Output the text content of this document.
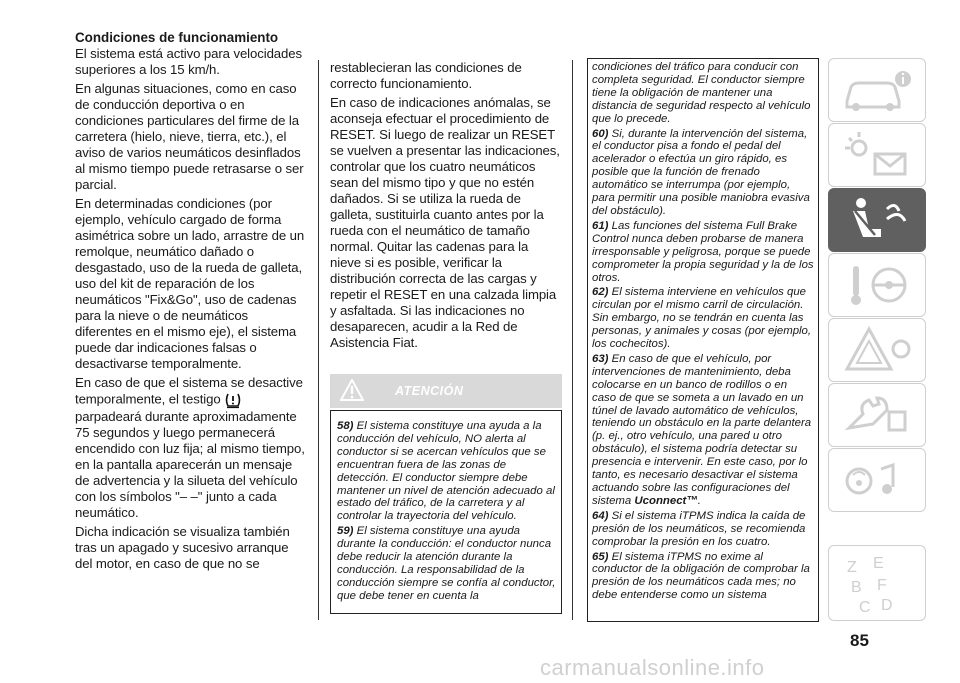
Condiciones de funcionamiento

El sistema está activo para velocidades superiores a los 15 km/h.

En algunas situaciones, como en caso de conducción deportiva o en condiciones particulares del firme de la carretera (hielo, nieve, tierra, etc.), el aviso de varios neumáticos desinflados al mismo tiempo puede retrasarse o ser parcial.

En determinadas condiciones (por ejemplo, vehículo cargado de forma asimétrica sobre un lado, arrastre de un remolque, neumático dañado o desgastado, uso de la rueda de galleta, uso del kit de reparación de los neumáticos "Fix&Go", uso de cadenas para la nieve o de neumáticos diferentes en el mismo eje), el sistema puede dar indicaciones falsas o desactivarse temporalmente.

En caso de que el sistema se desactive temporalmente, el testigo  parpadeará durante aproximadamente 75 segundos y luego permanecerá encendido con luz fija; al mismo tiempo, en la pantalla aparecerán un mensaje de advertencia y la silueta del vehículo con los símbolos "– –" junto a cada neumático.

Dicha indicación se visualiza también tras un apagado y sucesivo arranque del motor, en caso de que no se

restablecieran las condiciones de correcto funcionamiento.

En caso de indicaciones anómalas, se aconseja efectuar el procedimiento de RESET. Si luego de realizar un RESET se vuelven a presentar las indicaciones, controlar que los cuatro neumáticos sean del mismo tipo y que no estén dañados. Si se utiliza la rueda de galleta, sustituirla cuanto antes por la rueda con el neumático de tamaño normal. Quitar las cadenas para la nieve si es posible, verificar la distribución correcta de las cargas y repetir el RESET en una calzada limpia y asfaltada. Si las indicaciones no desaparecen, acudir a la Red de Asistencia Fiat.

ATENCIÓN

58) El sistema constituye una ayuda a la conducción del vehículo, NO alerta al conductor si se acercan vehículos que se encuentran fuera de las zonas de detección. El conductor siempre debe mantener un nivel de atención adecuado al estado del tráfico, de la carretera y al controlar la trayectoria del vehículo.

59) El sistema constituye una ayuda durante la conducción: el conductor nunca debe reducir la atención durante la conducción. La responsabilidad de la conducción siempre se confía al conductor, que debe tener en cuenta la

condiciones del tráfico para conducir con completa seguridad. El conductor siempre tiene la obligación de mantener una distancia de seguridad respecto al vehículo que lo precede.

60) Si, durante la intervención del sistema, el conductor pisa a fondo el pedal del acelerador o efectúa un giro rápido, es posible que la función de frenado automático se interrumpa (por ejemplo, para permitir una posible maniobra evasiva del obstáculo).

61) Las funciones del sistema Full Brake Control nunca deben probarse de manera irresponsable y peligrosa, porque se puede comprometer la propia seguridad y la de los otros.

62) El sistema interviene en vehículos que circulan por el mismo carril de circulación. Sin embargo, no se tendrán en cuenta las personas, y animales y cosas (por ejemplo, los cochecitos).

63) En caso de que el vehículo, por intervenciones de mantenimiento, deba colocarse en un banco de rodillos o en caso de que se someta a un lavado en un túnel de lavado automático de vehículos, teniendo un obstáculo en la parte delantera (p. ej., otro vehículo, una pared u otro obstáculo), el sistema podría detectar su presencia e intervenir. En este caso, por lo tanto, es necesario desactivar el sistema actuando sobre las configuraciones del sistema Uconnect™.

64) Si el sistema iTPMS indica la caída de presión de los neumáticos, se recomienda comprobar la presión en los cuatro.

65) El sistema iTPMS no exime al conductor de la obligación de comprobar la presión de los neumáticos cada mes; no debe entenderse como un sistema

Z E
B F
C D
85
carmanualsonline.info
